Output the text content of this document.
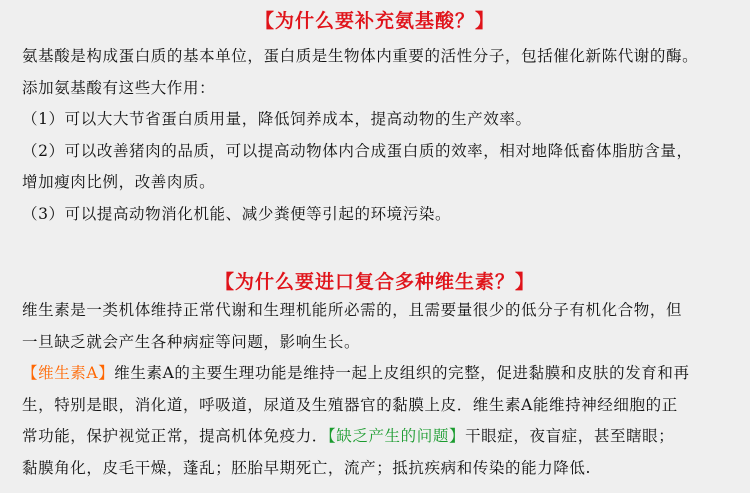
【为什么要补充氨基酸？】
氨基酸是构成蛋白质的基本单位，蛋白质是生物体内重要的活性分子，包括催化新陈代谢的酶。
添加氨基酸有这些大作用：
（1）可以大大节省蛋白质用量，降低饲养成本，提高动物的生产效率。
（2）可以改善猪肉的品质，可以提高动物体内合成蛋白质的效率，相对地降低畜体脂肪含量，
增加瘦肉比例，改善肉质。
（3）可以提高动物消化机能、减少粪便等引起的环境污染。
【为什么要进口复合多种维生素？】
维生素是一类机体维持正常代谢和生理机能所必需的，且需要量很少的低分子有机化合物，但
一旦缺乏就会产生各种病症等问题，影响生长。
【维生素A】维生素A的主要生理功能是维持一起上皮组织的完整，促进黏膜和皮肤的发育和再
生，特别是眼，消化道，呼吸道，尿道及生殖器官的黏膜上皮．维生素A能维持神经细胞的正
常功能，保护视觉正常，提高机体免疫力．【缺乏产生的问题】干眼症，夜盲症，甚至瞎眼；
黏膜角化，皮毛干燥，蓬乱；胚胎早期死亡，流产；抵抗疾病和传染的能力降低.
